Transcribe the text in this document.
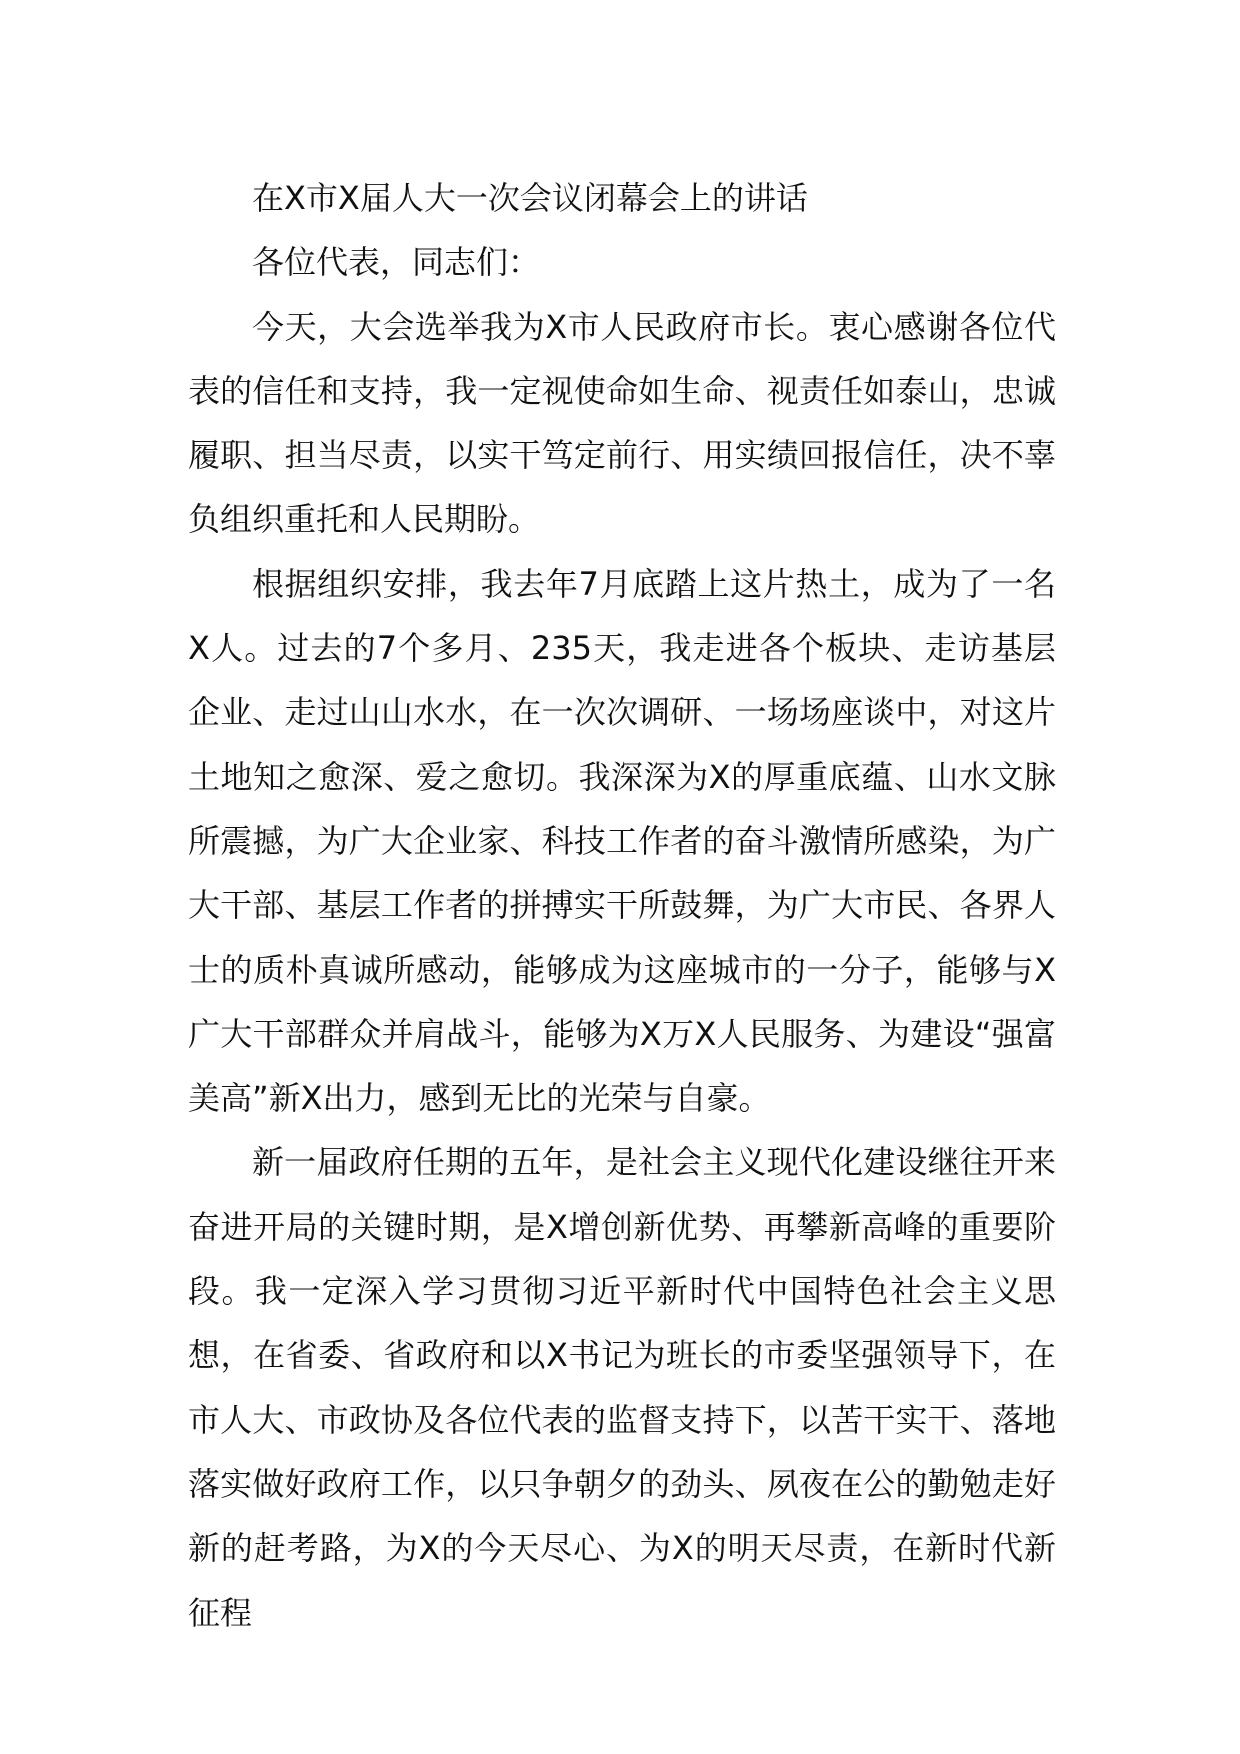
在X市X届人大一次会议闭幕会上的讲话

各位代表，同志们：

今天，大会选举我为X市人民政府市长。衷心感谢各位代表的信任和支持，我一定视使命如生命、视责任如泰山，忠诚履职、担当尽责，以实干笃定前行、用实绩回报信任，决不辜负组织重托和人民期盼。

根据组织安排，我去年7月底踏上这片热土，成为了一名X人。过去的7个多月、235天，我走进各个板块、走访基层企业、走过山山水水，在一次次调研、一场场座谈中，对这片土地知之愈深、爱之愈切。我深深为X的厚重底蕴、山水文脉所震撼，为广大企业家、科技工作者的奋斗激情所感染，为广大干部、基层工作者的拼搏实干所鼓舞，为广大市民、各界人士的质朴真诚所感动，能够成为这座城市的一分子，能够与X广大干部群众并肩战斗，能够为X万X人民服务、为建设“强富美高”新X出力，感到无比的光荣与自豪。

新一届政府任期的五年，是社会主义现代化建设继往开来奋进开局的关键时期，是X增创新优势、再攀新高峰的重要阶段。我一定深入学习贯彻习近平新时代中国特色社会主义思想，在省委、省政府和以X书记为班长的市委坚强领导下，在市人大、市政协及各位代表的监督支持下，以苦干实干、落地落实做好政府工作，以只争朝夕的劲头、夙夜在公的勤勉走好新的赶考路，为X的今天尽心、为X的明天尽责，在新时代新征程
